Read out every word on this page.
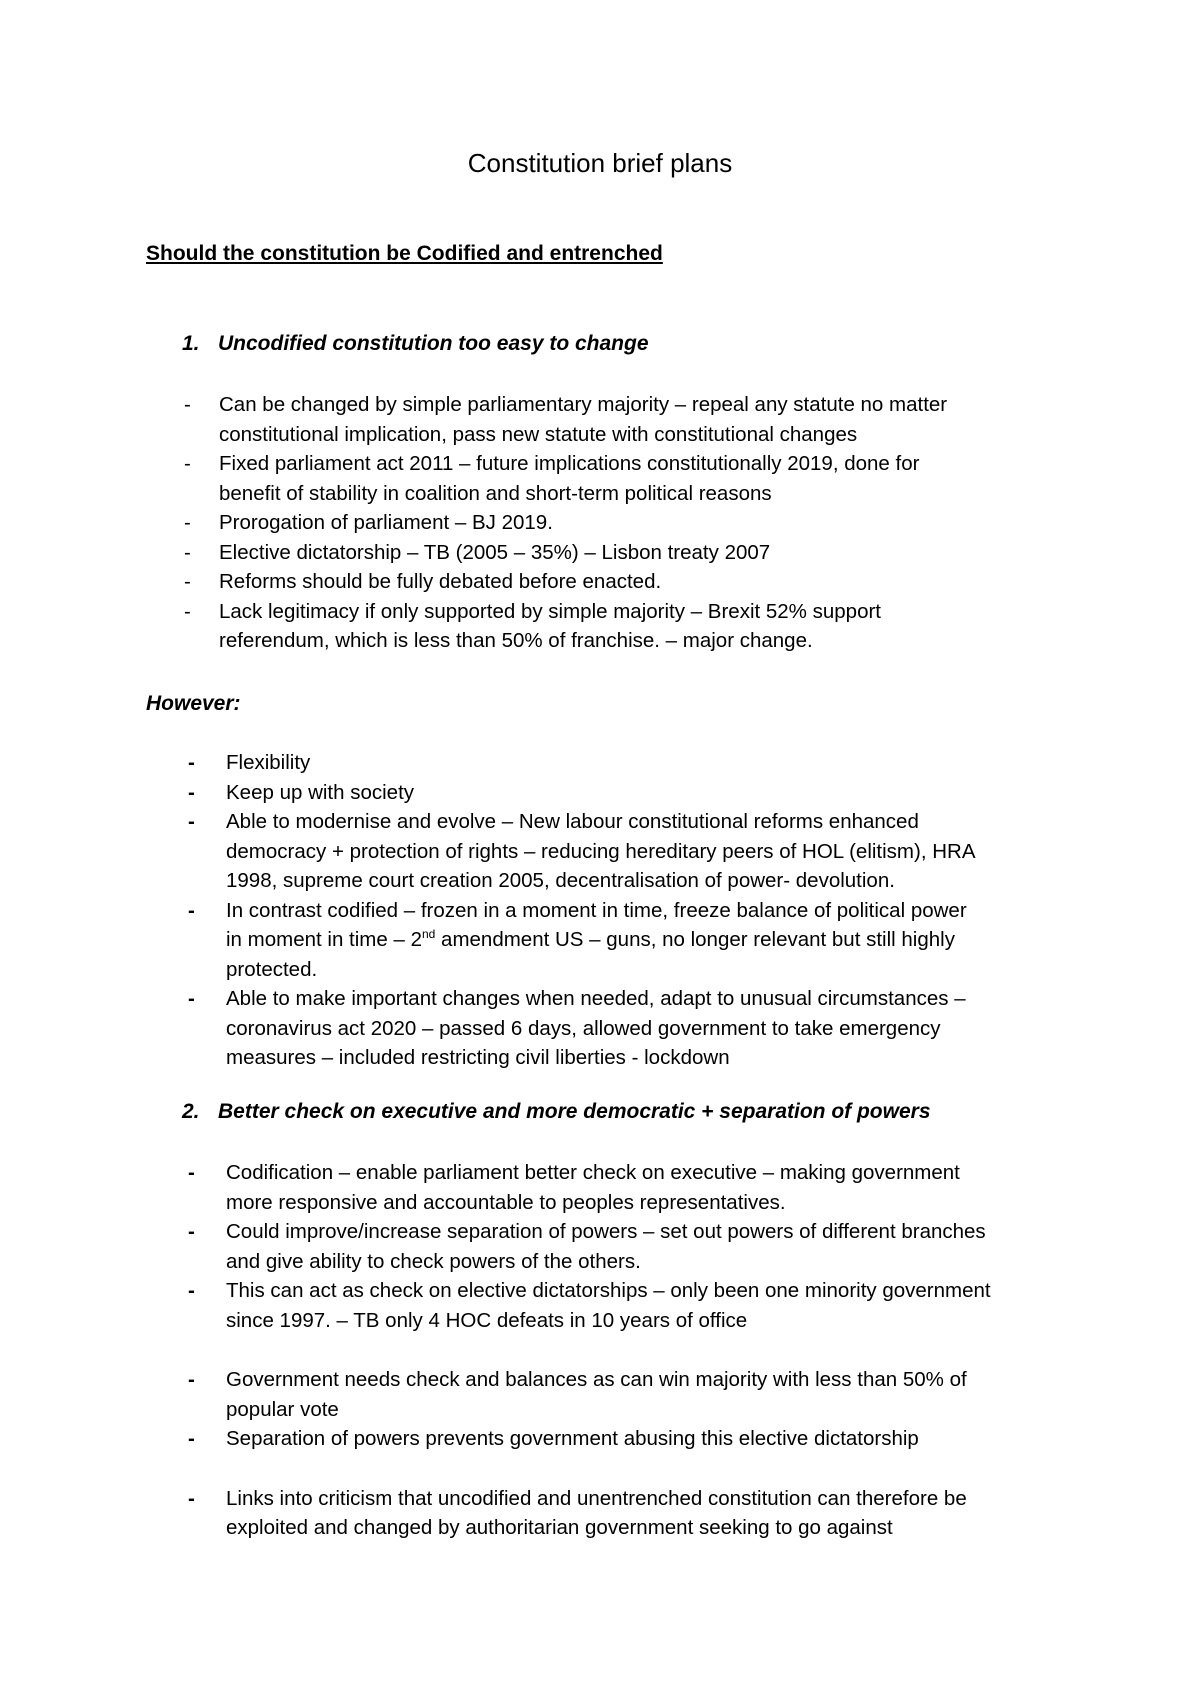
Constitution brief plans
Should the constitution be Codified and entrenched

1. Uncodified constitution too easy to change

- Can be changed by simple parliamentary majority – repeal any statute no matter
constitutional implication, pass new statute with constitutional changes
- Fixed parliament act 2011 – future implications constitutionally 2019, done for
benefit of stability in coalition and short-term political reasons
- Prorogation of parliament – BJ 2019.
- Elective dictatorship – TB (2005 – 35%) – Lisbon treaty 2007
- Reforms should be fully debated before enacted.
- Lack legitimacy if only supported by simple majority – Brexit 52% support
referendum, which is less than 50% of franchise. – major change.

However:

- Flexibility
- Keep up with society
- Able to modernise and evolve – New labour constitutional reforms enhanced
democracy + protection of rights – reducing hereditary peers of HOL (elitism), HRA
1998, supreme court creation 2005, decentralisation of power- devolution.
- In contrast codified – frozen in a moment in time, freeze balance of political power
in moment in time – 2nd amendment US – guns, no longer relevant but still highly
protected.
- Able to make important changes when needed, adapt to unusual circumstances –
coronavirus act 2020 – passed 6 days, allowed government to take emergency
measures – included restricting civil liberties - lockdown

2. Better check on executive and more democratic + separation of powers

- Codification – enable parliament better check on executive – making government
more responsive and accountable to peoples representatives.
- Could improve/increase separation of powers – set out powers of different branches
and give ability to check powers of the others.
- This can act as check on elective dictatorships – only been one minority government
since 1997. – TB only 4 HOC defeats in 10 years of office
- Government needs check and balances as can win majority with less than 50% of
popular vote
- Separation of powers prevents government abusing this elective dictatorship
- Links into criticism that uncodified and unentrenched constitution can therefore be
exploited and changed by authoritarian government seeking to go against
